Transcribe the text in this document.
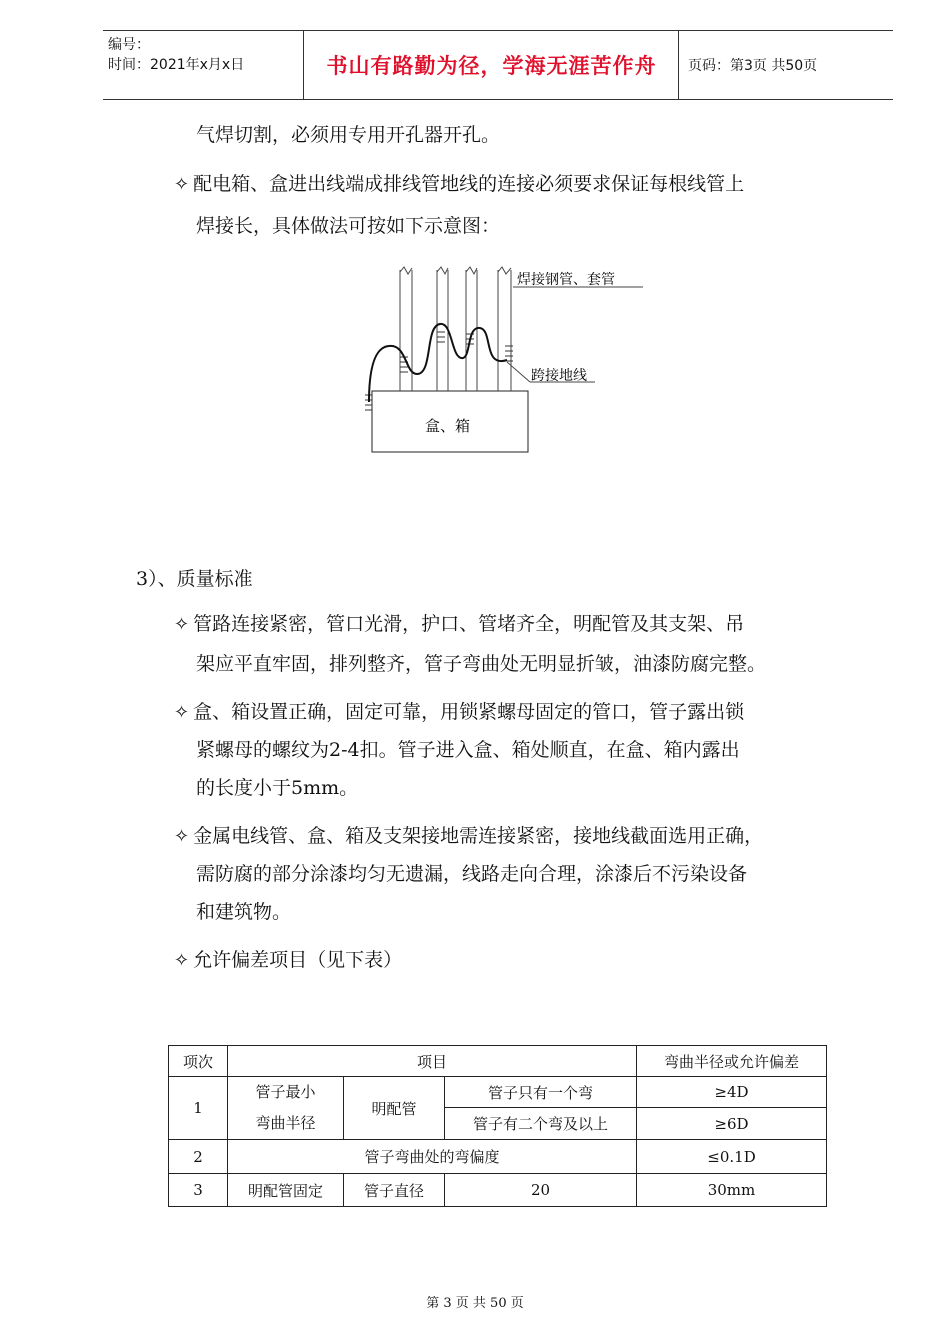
编号：
时间：2021年x月x日	书山有路勤为径，学海无涯苦作舟	页码：第3页 共50页
气焊切割，必须用专用开孔器开孔。
✧ 配电箱、盒进出线端成排线管地线的连接必须要求保证每根线管上
焊接长，具体做法可按如下示意图：
焊接钢管、套管
跨接地线
盒、箱
3）、质量标准
✧ 管路连接紧密，管口光滑，护口、管堵齐全，明配管及其支架、吊
架应平直牢固，排列整齐，管子弯曲处无明显折皱，油漆防腐完整。
✧ 盒、箱设置正确，固定可靠，用锁紧螺母固定的管口，管子露出锁
紧螺母的螺纹为2-4扣。管子进入盒、箱处顺直，在盒、箱内露出
的长度小于5mm。
✧ 金属电线管、盒、箱及支架接地需连接紧密，接地线截面选用正确，
需防腐的部分涂漆均匀无遗漏，线路走向合理，涂漆后不污染设备
和建筑物。
✧ 允许偏差项目（见下表）
项次	项目			弯曲半径或允许偏差
1	管子最小
弯曲半径	明配管	管子只有一个弯	≥4D
			管子有二个弯及以上	≥6D
2	管子弯曲处的弯偏度			≤0.1D
3	明配管固定	管子直径	20	30mm
第 3 页 共 50 页
